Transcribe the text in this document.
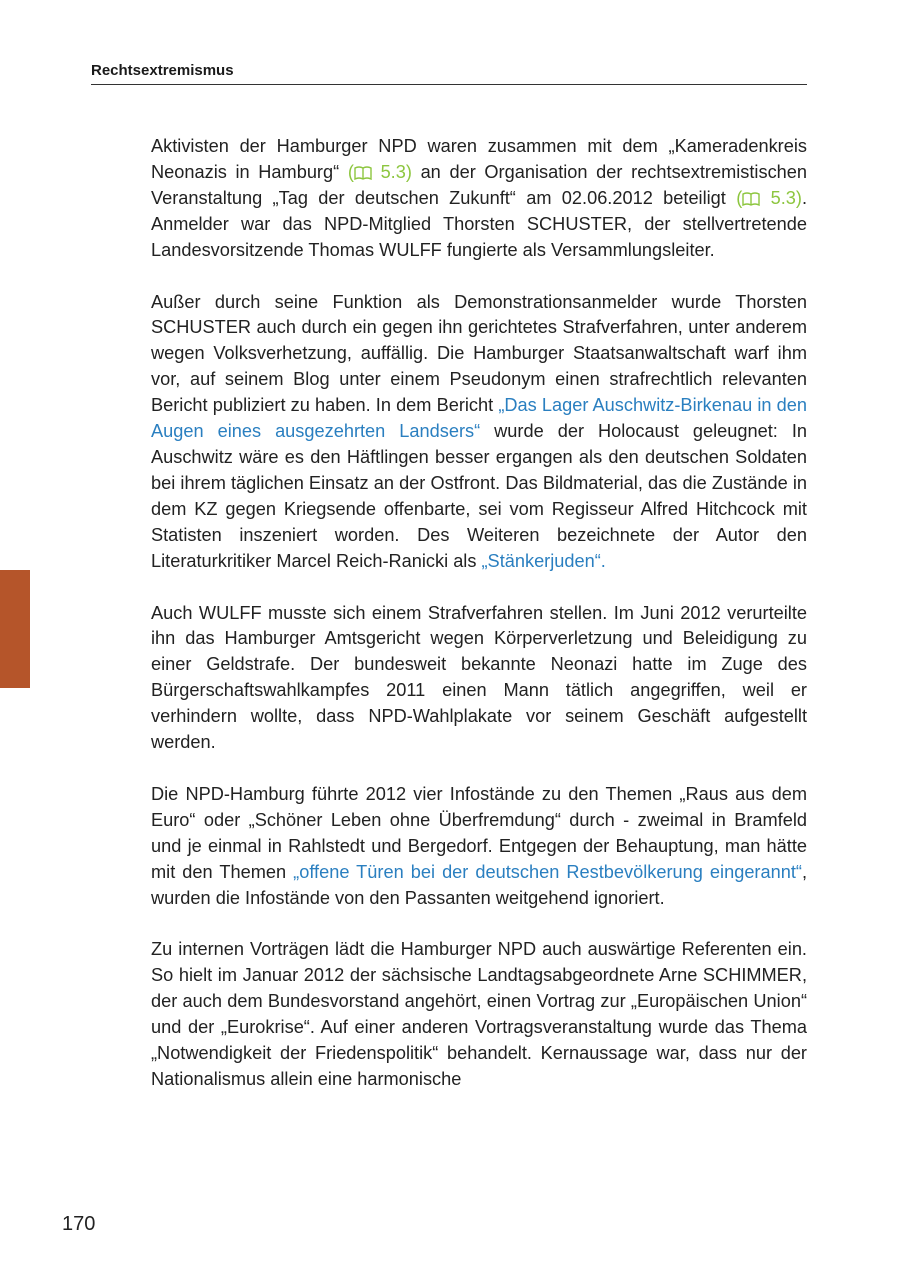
Rechtsextremismus

Aktivisten der Hamburger NPD waren zusammen mit dem „Kameradenkreis Neonazis in Hamburg“ ( 5.3) an der Organisation der rechtsextremistischen Veranstaltung „Tag der deutschen Zukunft“ am 02.06.2012 beteiligt ( 5.3). Anmelder war das NPD-Mitglied Thorsten SCHUSTER, der stellvertretende Landesvorsitzende Thomas WULFF fungierte als Versammlungsleiter.

Außer durch seine Funktion als Demonstrationsanmelder wurde Thorsten SCHUSTER auch durch ein gegen ihn gerichtetes Strafverfahren, unter anderem wegen Volksverhetzung, auffällig. Die Hamburger Staatsanwaltschaft warf ihm vor, auf seinem Blog unter einem Pseudonym einen strafrechtlich relevanten Bericht publiziert zu haben. In dem Bericht „Das Lager Auschwitz-Birkenau in den Augen eines ausgezehrten Landsers“ wurde der Holocaust geleugnet: In Auschwitz wäre es den Häftlingen besser ergangen als den deutschen Soldaten bei ihrem täglichen Einsatz an der Ostfront. Das Bildmaterial, das die Zustände in dem KZ gegen Kriegsende offenbarte, sei vom Regisseur Alfred Hitchcock mit Statisten inszeniert worden. Des Weiteren bezeichnete der Autor den Literaturkritiker Marcel Reich-Ranicki als „Stänkerjuden“.

Auch WULFF musste sich einem Strafverfahren stellen. Im Juni 2012 verurteilte ihn das Hamburger Amtsgericht wegen Körperverletzung und Beleidigung zu einer Geldstrafe. Der bundesweit bekannte Neonazi hatte im Zuge des Bürgerschaftswahlkampfes 2011 einen Mann tätlich angegriffen, weil er verhindern wollte, dass NPD-Wahlplakate vor seinem Geschäft aufgestellt werden.

Die NPD-Hamburg führte 2012 vier Infostände zu den Themen „Raus aus dem Euro“ oder „Schöner Leben ohne Überfremdung“ durch - zweimal in Bramfeld und je einmal in Rahlstedt und Bergedorf. Entgegen der Behauptung, man hätte mit den Themen „offene Türen bei der deutschen Restbevölkerung eingerannt“, wurden die Infostände von den Passanten weitgehend ignoriert.

Zu internen Vorträgen lädt die Hamburger NPD auch auswärtige Referenten ein. So hielt im Januar 2012 der sächsische Landtagsabgeordnete Arne SCHIMMER, der auch dem Bundesvorstand angehört, einen Vortrag zur „Europäischen Union“ und der „Eurokrise“. Auf einer anderen Vortragsveranstaltung wurde das Thema „Notwendigkeit der Friedenspolitik“ behandelt. Kernaussage war, dass nur der Nationalismus allein eine harmonische

170
